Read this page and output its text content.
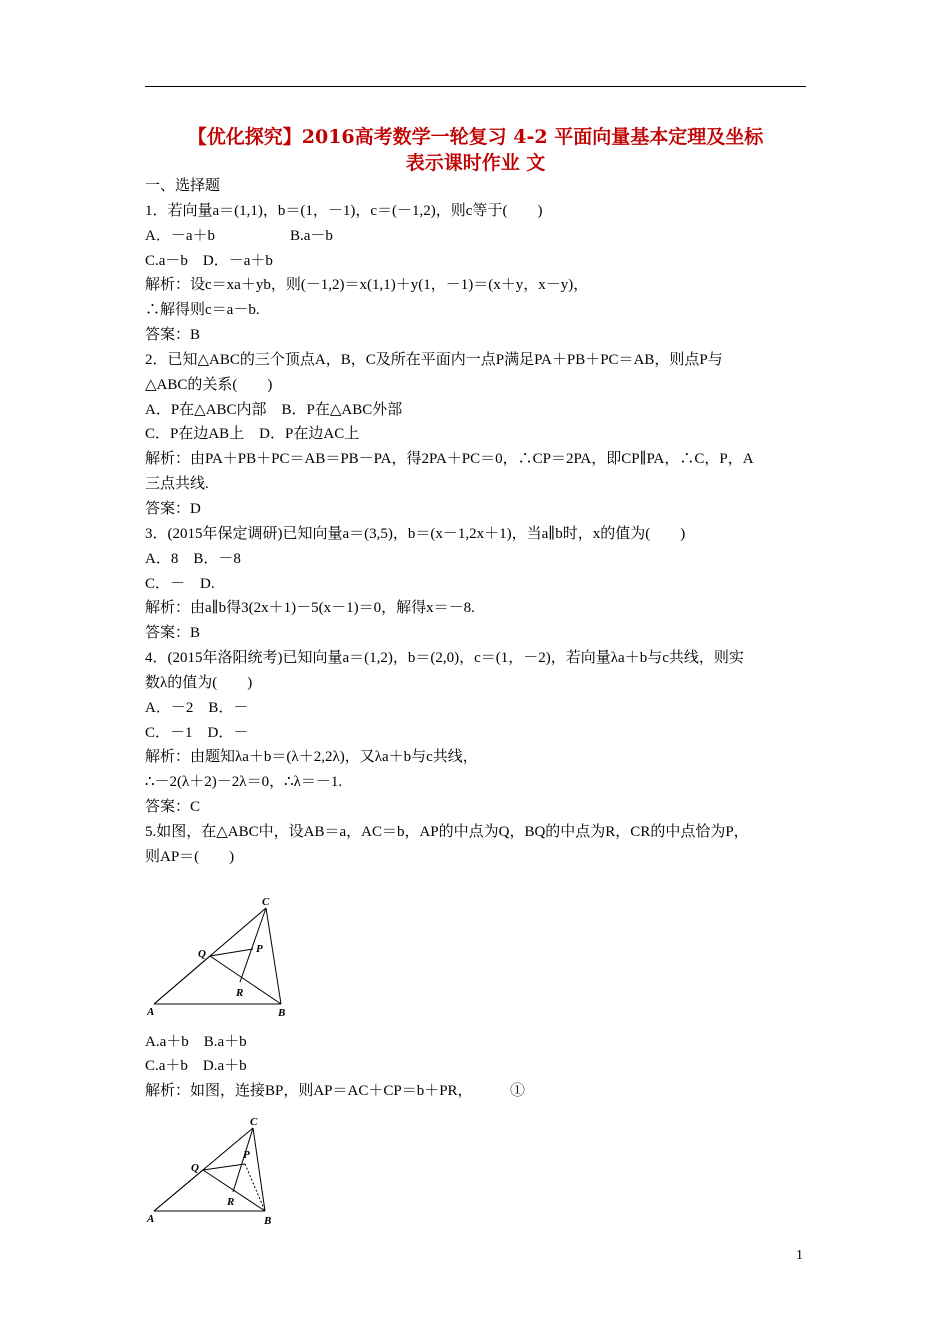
【优化探究】2016高考数学一轮复习 4-2 平面向量基本定理及坐标
表示课时作业 文
一、选择题
1．若向量a＝(1,1)，b＝(1，－1)，c＝(－1,2)，则c等于(　　)
A．－a＋b　　　　　B.a－b
C.a－b　D．－a＋b
解析：设c＝xa＋yb，则(－1,2)＝x(1,1)＋y(1，－1)＝(x＋y，x－y)，
∴解得则c＝a－b.
答案：B
2．已知△ABC的三个顶点A，B，C及所在平面内一点P满足PA＋PB＋PC＝AB，则点P与
△ABC的关系(　　)
A．P在△ABC内部　B．P在△ABC外部
C．P在边AB上　D．P在边AC上
解析：由PA＋PB＋PC＝AB＝PB－PA，得2PA＋PC＝0，∴CP＝2PA，即CP∥PA，∴C，P，A
三点共线.
答案：D
3．(2015年保定调研)已知向量a＝(3,5)，b＝(x－1,2x＋1)，当a∥b时，x的值为(　　)
A．8　B．－8
C．－　D.
解析：由a∥b得3(2x＋1)－5(x－1)＝0，解得x＝－8.
答案：B
4．(2015年洛阳统考)已知向量a＝(1,2)，b＝(2,0)，c＝(1，－2)，若向量λa＋b与c共线，则实
数λ的值为(　　)
A．－2　B．－
C．－1　D．－
解析：由题知λa＋b＝(λ＋2,2λ)，又λa＋b与c共线，
∴－2(λ＋2)－2λ＝0，∴λ＝－1.
答案：C
5.如图，在△ABC中，设AB＝a，AC＝b，AP的中点为Q，BQ的中点为R，CR的中点恰为P，
则AP＝(　　)
A	B
C
P
Q
R
A.a＋b　B.a＋b
C.a＋b　D.a＋b
解析：如图，连接BP，则AP＝AC＋CP＝b＋PR，　　　①
A	B
C
P
Q
R
1
